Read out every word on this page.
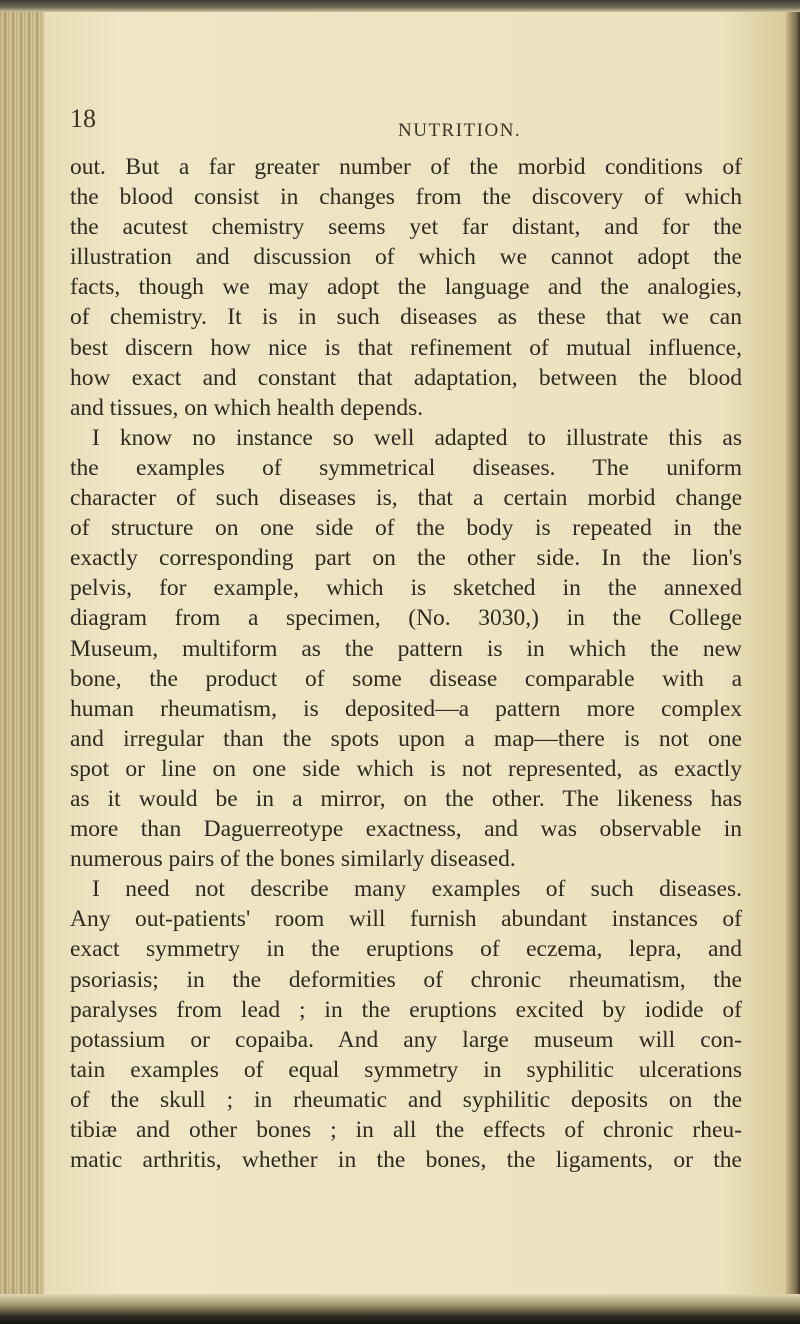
18	NUTRITION.
out. But a far greater number of the morbid conditions of
the blood consist in changes from the discovery of which
the acutest chemistry seems yet far distant, and for the
illustration and discussion of which we cannot adopt the
facts, though we may adopt the language and the analogies,
of chemistry. It is in such diseases as these that we can
best discern how nice is that refinement of mutual influence,
how exact and constant that adaptation, between the blood
and tissues, on which health depends.
I know no instance so well adapted to illustrate this as
the examples of symmetrical diseases. The uniform
character of such diseases is, that a certain morbid change
of structure on one side of the body is repeated in the
exactly corresponding part on the other side. In the lion's
pelvis, for example, which is sketched in the annexed
diagram from a specimen, (No. 3030,) in the College
Museum, multiform as the pattern is in which the new
bone, the product of some disease comparable with a
human rheumatism, is deposited—a pattern more complex
and irregular than the spots upon a map—there is not one
spot or line on one side which is not represented, as exactly
as it would be in a mirror, on the other. The likeness has
more than Daguerreotype exactness, and was observable in
numerous pairs of the bones similarly diseased.
I need not describe many examples of such diseases.
Any out-patients' room will furnish abundant instances of
exact symmetry in the eruptions of eczema, lepra, and
psoriasis; in the deformities of chronic rheumatism, the
paralyses from lead ; in the eruptions excited by iodide of
potassium or copaiba. And any large museum will con-
tain examples of equal symmetry in syphilitic ulcerations
of the skull ; in rheumatic and syphilitic deposits on the
tibiæ and other bones ; in all the effects of chronic rheu-
matic arthritis, whether in the bones, the ligaments, or the
